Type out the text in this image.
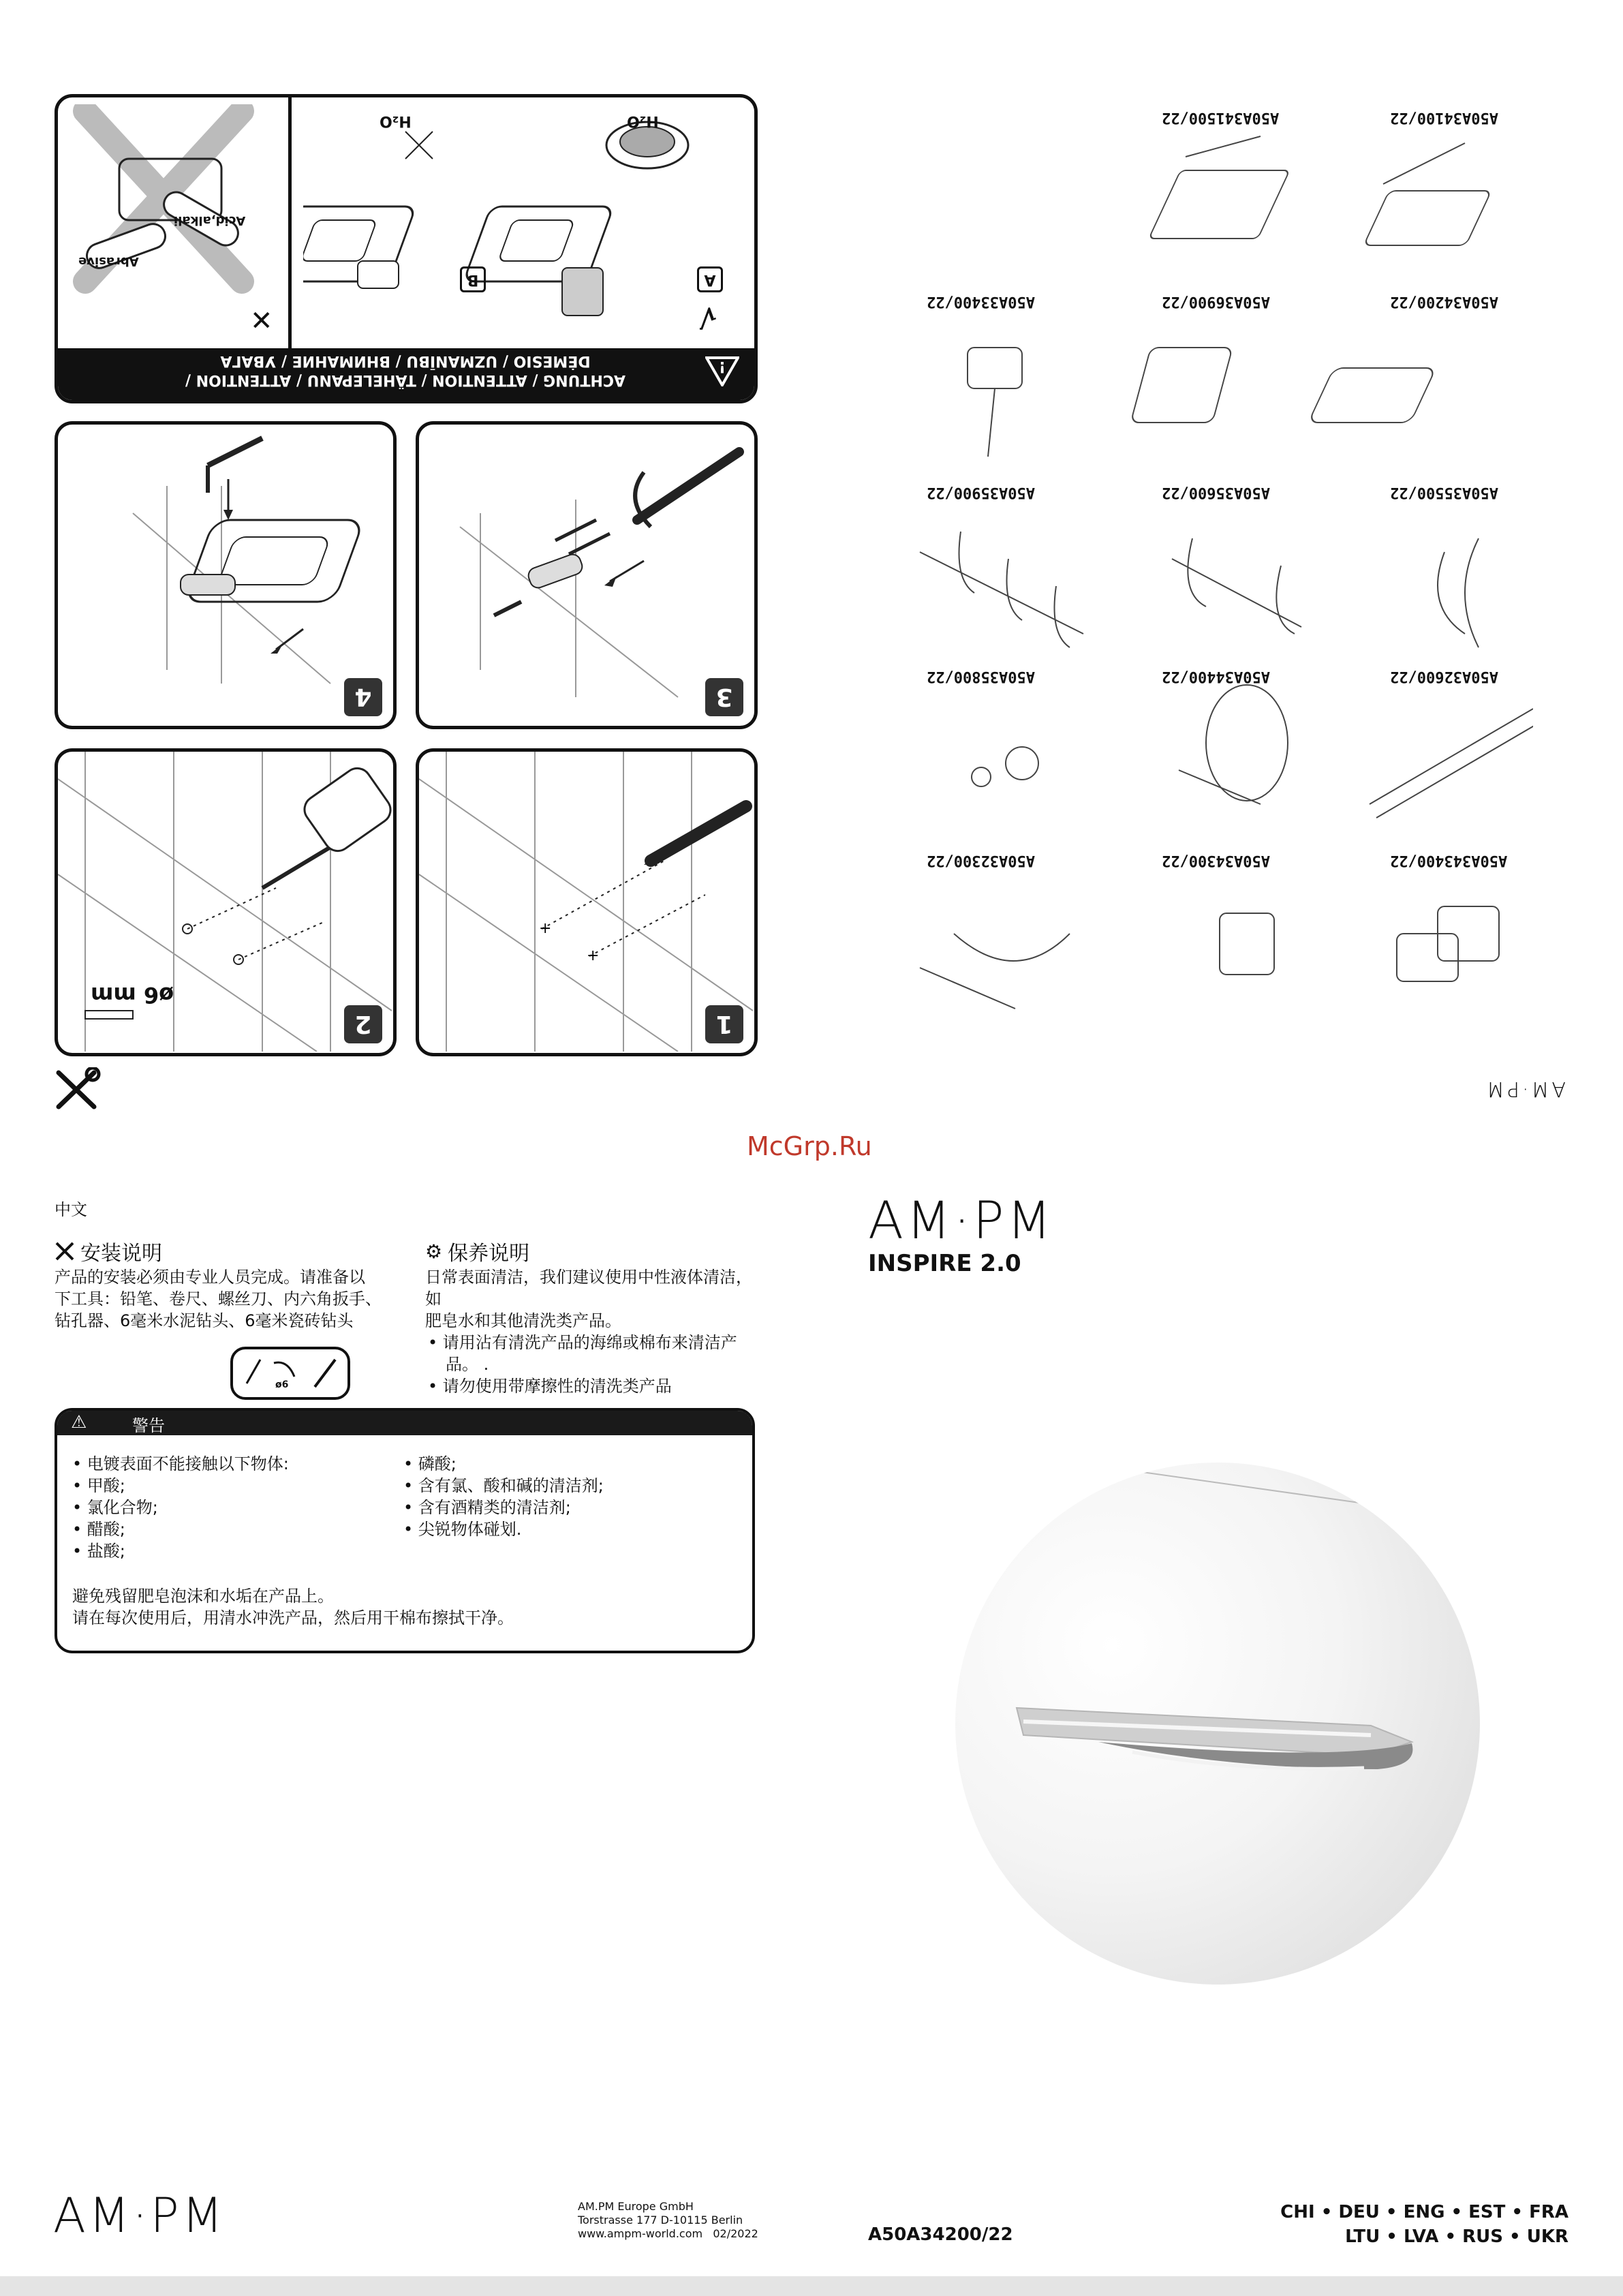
ACHTUNG / ATTENTION / TÄHELEPANU / ATTENTION /
DĖMESIO / UZMANĪBU / ВНИМАНИЕ / УВАГА	!
Abrasive
Acid,alkali
✕
H₂O	H₂O
B	A
√
4	3
ø6 mm
2
+
+
1
A50A34100/22
A50A341500/22
A50A34200/22
A50A36900/22
A50A33400/22
A50A35500/22
A50A35600/22
A50A35900/22
A50A32600/22
A50A34400/22
A50A35800/22
A50A343400/22
A50A34300/22
A50A32300/22
AM·PM
McGrp.Ru
中文
安装说明
产品的安装必须由专业人员完成。请准备以
下工具：铅笔、卷尺、螺丝刀、内六角扳手、
钻孔器、6毫米水泥钻头、6毫米瓷砖钻头
ø6
⚙ 保养说明
日常表面清洁，我们建议使用中性液体清洁，如
肥皂水和其他清洗类产品。
• 请用沾有清洗产品的海绵或棉布来清洁产
品。 .
• 请勿使用带摩擦性的清洗类产品
⚠	警告
• 电镀表面不能接触以下物体:
• 甲酸;
• 氯化合物;
• 醋酸;
• 盐酸;
• 磷酸;
• 含有氯、酸和碱的清洁剂;
• 含有酒精类的清洁剂;
• 尖锐物体碰划.
避免残留肥皂泡沫和水垢在产品上。
请在每次使用后，用清水冲洗产品，然后用干棉布擦拭干净。
AM·PM
INSPIRE 2.0
AM·PM	AM.PM Europe GmbH
Torstrasse 177 D-10115 Berlin
www.ampm-world.com 02/2022	A50A34200/22
CHI • DEU • ENG • EST • FRA
LTU • LVA • RUS • UKR
